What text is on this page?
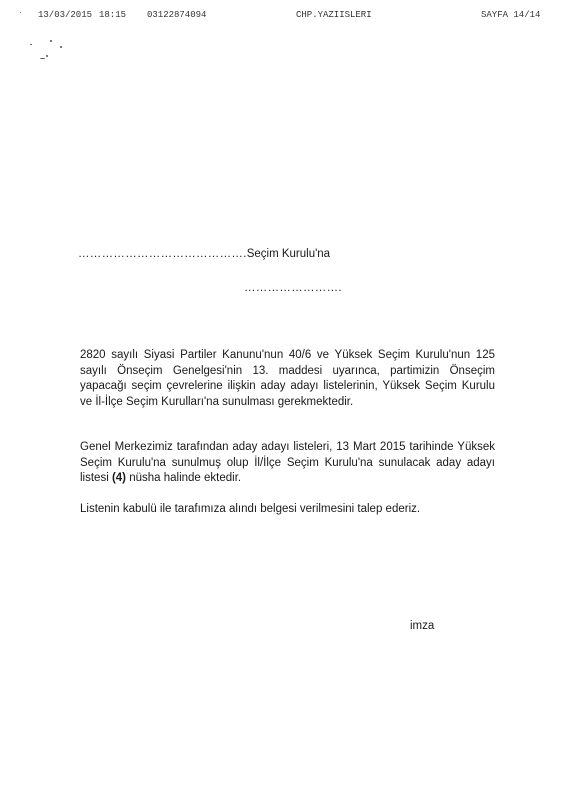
13/03/2015 18:15 03122874094	CHP.YAZIISLERI	SAYFA 14/14
…………………………………….Seçim Kurulu'na
…………………….

2820 sayılı Siyasi Partiler Kanunu'nun 40/6 ve Yüksek Seçim Kurulu'nun 125 sayılı Önseçim Genelgesi'nin 13. maddesi uyarınca, partimizin Önseçim yapacağı seçim çevrelerine ilişkin aday adayı listelerinin, Yüksek Seçim Kurulu ve İl-İlçe Seçim Kurulları'na sunulması gerekmektedir.

Genel Merkezimiz tarafından aday adayı listeleri, 13 Mart 2015 tarihinde Yüksek Seçim Kurulu'na sunulmuş olup İl/İlçe Seçim Kurulu'na sunulacak aday adayı listesi (4) nüsha halinde ektedir.

Listenin kabulü ile tarafımıza alındı belgesi verilmesini talep ederiz.

imza
